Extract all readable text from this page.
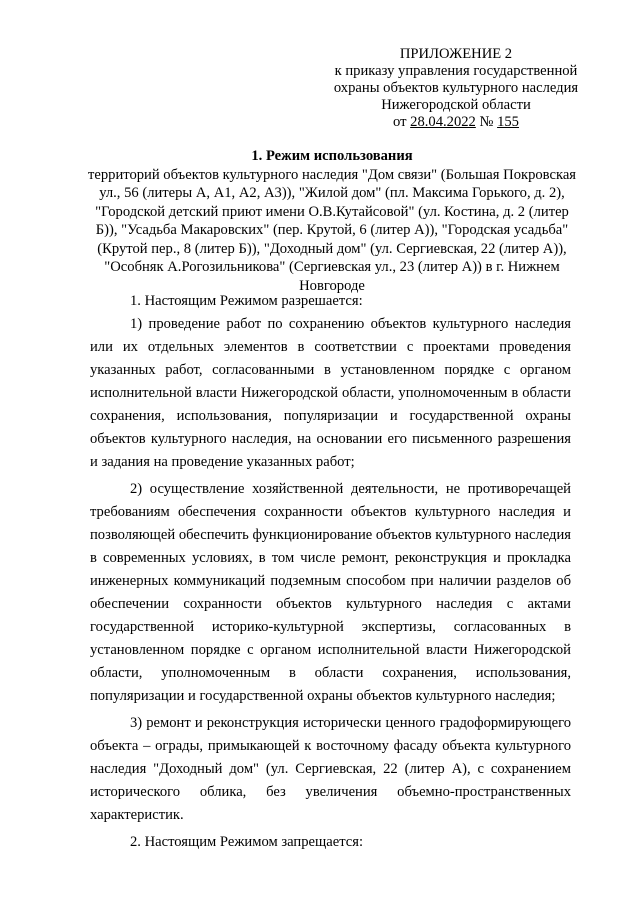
ПРИЛОЖЕНИЕ 2
к приказу управления государственной
охраны объектов культурного наследия
Нижегородской области
от 28.04.2022 № 155
1. Режим использования
территорий объектов культурного наследия "Дом связи" (Большая Покровская ул., 56 (литеры А, А1, А2, А3)), "Жилой дом" (пл. Максима Горького, д. 2), "Городской детский приют имени О.В.Кутайсовой" (ул. Костина, д. 2 (литер Б)), "Усадьба Макаровских" (пер. Крутой, 6 (литер А)), "Городская усадьба" (Крутой пер., 8 (литер Б)), "Доходный дом" (ул. Сергиевская, 22 (литер А)), "Особняк А.Рогозильникова" (Сергиевская ул., 23 (литер А)) в г. Нижнем Новгороде

1. Настоящим Режимом разрешается:

1) проведение работ по сохранению объектов культурного наследия или их отдельных элементов в соответствии с проектами проведения указанных работ, согласованными в установленном порядке с органом исполнительной власти Нижегородской области, уполномоченным в области сохранения, использования, популяризации и государственной охраны объектов культурного наследия, на основании его письменного разрешения и задания на проведение указанных работ;

2) осуществление хозяйственной деятельности, не противоречащей требованиям обеспечения сохранности объектов культурного наследия и позволяющей обеспечить функционирование объектов культурного наследия в современных условиях, в том числе ремонт, реконструкция и прокладка инженерных коммуникаций подземным способом при наличии разделов об обеспечении сохранности объектов культурного наследия с актами государственной историко-культурной экспертизы, согласованных в установленном порядке с органом исполнительной власти Нижегородской области, уполномоченным в области сохранения, использования, популяризации и государственной охраны объектов культурного наследия;

3) ремонт и реконструкция исторически ценного градоформирующего объекта – ограды, примыкающей к восточному фасаду объекта культурного наследия "Доходный дом" (ул. Сергиевская, 22 (литер А), с сохранением исторического облика, без увеличения объемно-пространственных характеристик.

2. Настоящим Режимом запрещается:
